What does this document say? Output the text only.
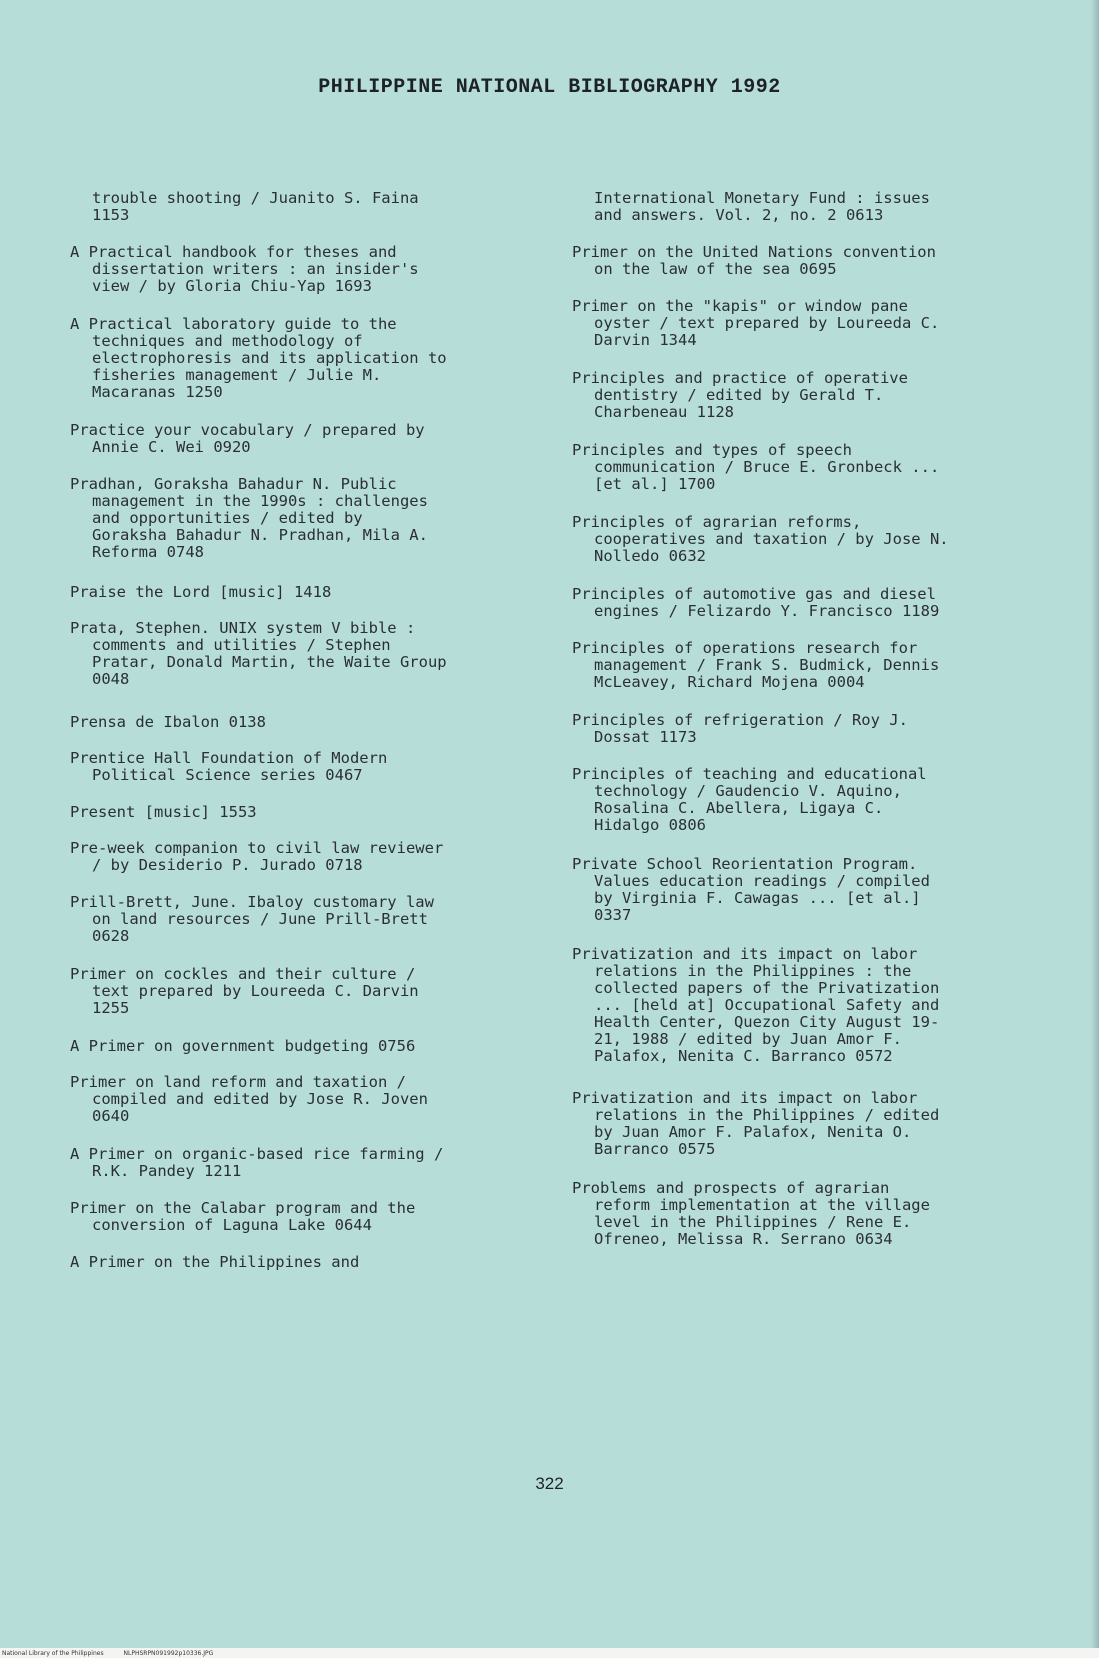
PHILIPPINE NATIONAL BIBLIOGRAPHY 1992
trouble shooting / Juanito S. Faina
1153
A Practical handbook for theses and
dissertation writers : an insider's
view / by Gloria Chiu-Yap 1693
A Practical laboratory guide to the
techniques and methodology of
electrophoresis and its application to
fisheries management / Julie M.
Macaranas 1250
Practice your vocabulary / prepared by
Annie C. Wei 0920
Pradhan, Goraksha Bahadur N. Public
management in the 1990s : challenges
and opportunities / edited by
Goraksha Bahadur N. Pradhan, Mila A.
Reforma 0748
Praise the Lord [music] 1418
Prata, Stephen. UNIX system V bible :
comments and utilities / Stephen
Pratar, Donald Martin, the Waite Group
0048
Prensa de Ibalon 0138
Prentice Hall Foundation of Modern
Political Science series 0467
Present [music] 1553
Pre-week companion to civil law reviewer
/ by Desiderio P. Jurado 0718
Prill-Brett, June. Ibaloy customary law
on land resources / June Prill-Brett
0628
Primer on cockles and their culture /
text prepared by Loureeda C. Darvin
1255
A Primer on government budgeting 0756
Primer on land reform and taxation /
compiled and edited by Jose R. Joven
0640
A Primer on organic-based rice farming /
R.K. Pandey 1211
Primer on the Calabar program and the
conversion of Laguna Lake 0644
A Primer on the Philippines and
International Monetary Fund : issues
and answers. Vol. 2, no. 2 0613
Primer on the United Nations convention
on the law of the sea 0695
Primer on the "kapis" or window pane
oyster / text prepared by Loureeda C.
Darvin 1344
Principles and practice of operative
dentistry / edited by Gerald T.
Charbeneau 1128
Principles and types of speech
communication / Bruce E. Gronbeck ...
[et al.] 1700
Principles of agrarian reforms,
cooperatives and taxation / by Jose N.
Nolledo 0632
Principles of automotive gas and diesel
engines / Felizardo Y. Francisco 1189
Principles of operations research for
management / Frank S. Budmick, Dennis
McLeavey, Richard Mojena 0004
Principles of refrigeration / Roy J.
Dossat 1173
Principles of teaching and educational
technology / Gaudencio V. Aquino,
Rosalina C. Abellera, Ligaya C.
Hidalgo 0806
Private School Reorientation Program.
Values education readings / compiled
by Virginia F. Cawagas ... [et al.]
0337
Privatization and its impact on labor
relations in the Philippines : the
collected papers of the Privatization
... [held at] Occupational Safety and
Health Center, Quezon City August 19-
21, 1988 / edited by Juan Amor F.
Palafox, Nenita C. Barranco 0572
Privatization and its impact on labor
relations in the Philippines / edited
by Juan Amor F. Palafox, Nenita O.
Barranco 0575
Problems and prospects of agrarian
reform implementation at the village
level in the Philippines / Rene E.
Ofreneo, Melissa R. Serrano 0634
322
National Library of the Philippines	NLPHSRPN091992p10336.JPG
